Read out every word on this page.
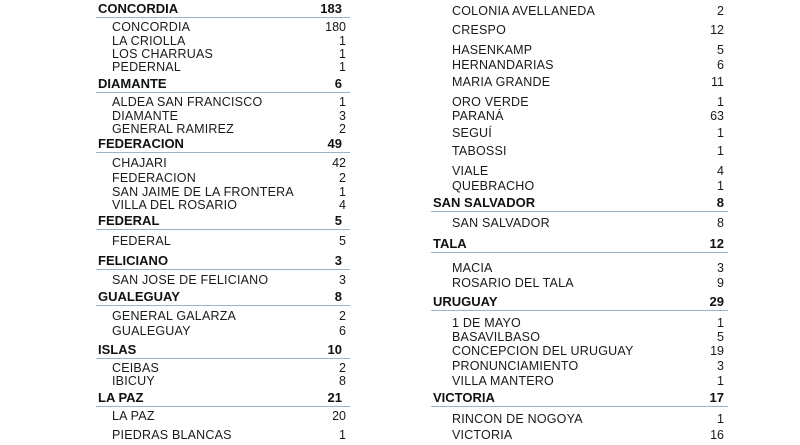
CONCORDIA	183
CONCORDIA	180
LA CRIOLLA	1
LOS CHARRUAS	1
PEDERNAL	1
DIAMANTE	6
ALDEA SAN FRANCISCO	1
DIAMANTE	3
GENERAL RAMIREZ	2
FEDERACION	49
CHAJARI	42
FEDERACION	2
SAN JAIME DE LA FRONTERA	1
VILLA DEL ROSARIO	4
FEDERAL	5
FEDERAL	5
FELICIANO	3
SAN JOSE DE FELICIANO	3
GUALEGUAY	8
GENERAL GALARZA	2
GUALEGUAY	6
ISLAS	10
CEIBAS	2
IBICUY	8
LA PAZ	21
LA PAZ	20
PIEDRAS BLANCAS	1
COLONIA AVELLANEDA	2
CRESPO	12
HASENKAMP	5
HERNANDARIAS	6
MARIA GRANDE	11
ORO VERDE	1
PARANÁ	63
SEGUÍ	1
TABOSSI	1
VIALE	4
QUEBRACHO	1
SAN SALVADOR	8
SAN SALVADOR	8
TALA	12
MACIA	3
ROSARIO DEL TALA	9
URUGUAY	29
1 DE MAYO	1
BASAVILBASO	5
CONCEPCION DEL URUGUAY	19
PRONUNCIAMIENTO	3
VILLA MANTERO	1
VICTORIA	17
RINCON DE NOGOYA	1
VICTORIA	16
